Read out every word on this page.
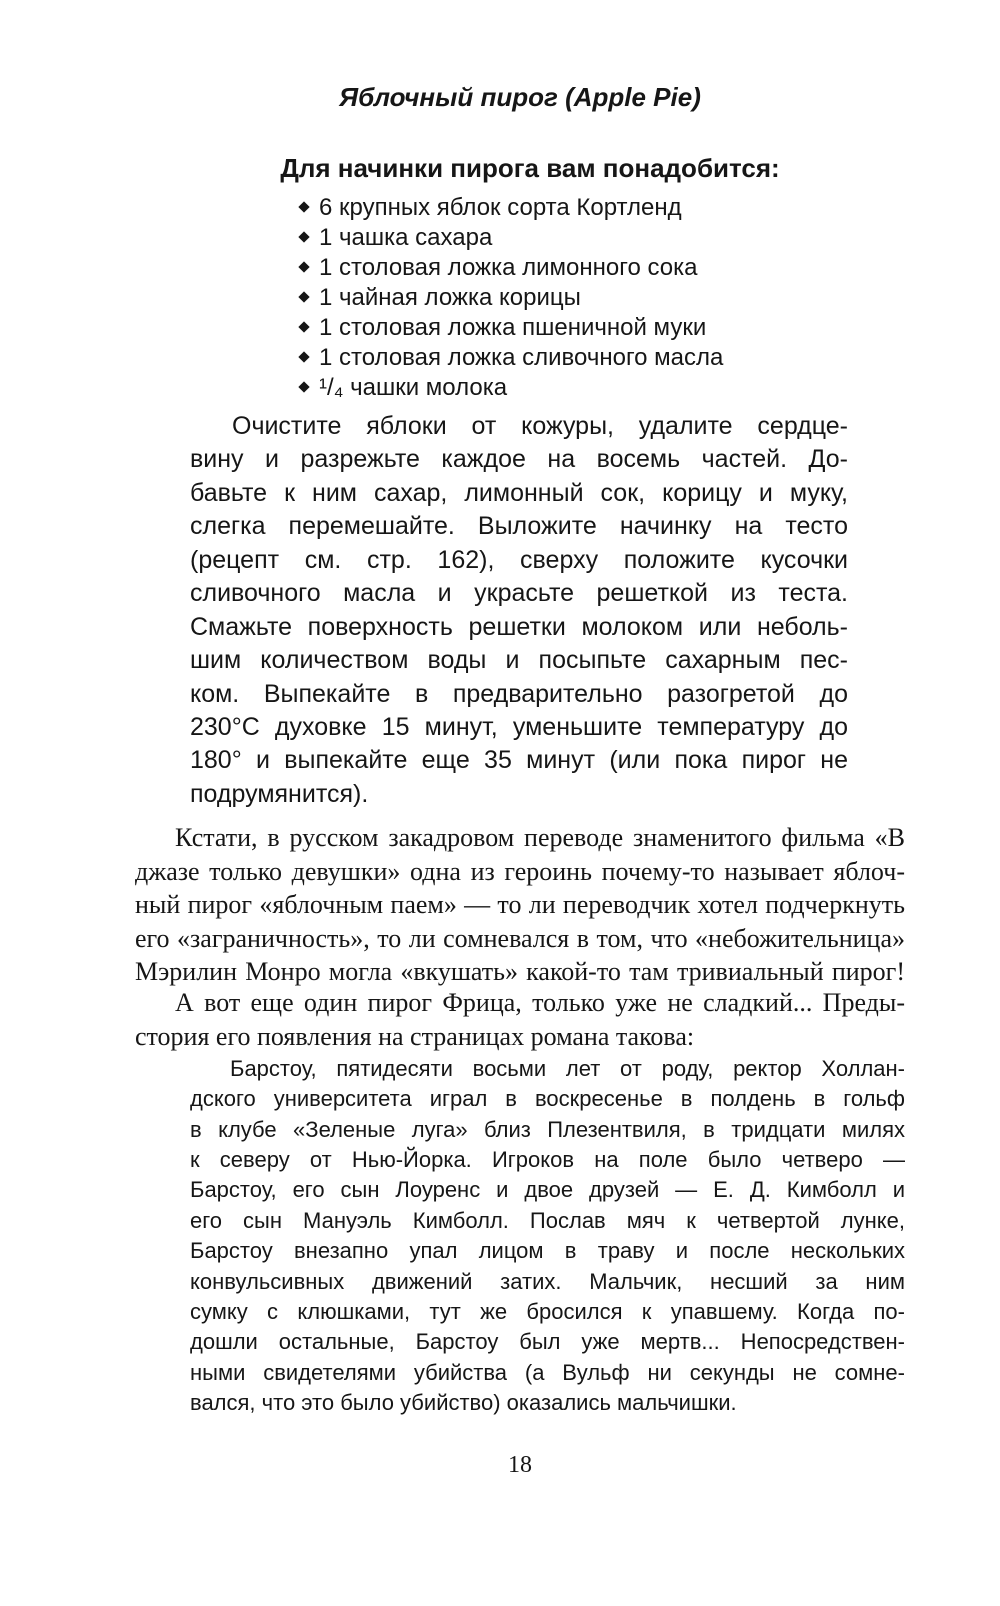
Яблочный пирог (Apple Pie)
Для начинки пирога вам понадобится:
6 крупных яблок сорта Кортленд
1 чашка сахара
1 столовая ложка лимонного сока
1 чайная ложка корицы
1 столовая ложка пшеничной муки
1 столовая ложка сливочного масла
¹/₄ чашки молока
Очистите яблоки от кожуры, удалите сердце-
вину и разрежьте каждое на восемь частей. До-
бавьте к ним сахар, лимонный сок, корицу и муку,
слегка перемешайте. Выложите начинку на тесто
(рецепт см. стр. 162), сверху положите кусочки
сливочного масла и украсьте решеткой из теста.
Смажьте поверхность решетки молоком или неболь-
шим количеством воды и посыпьте сахарным пес-
ком. Выпекайте в предварительно разогретой до
230°С духовке 15 минут, уменьшите температуру до
180° и выпекайте еще 35 минут (или пока пирог не
подрумянится).
Кстати, в русском закадровом переводе знаменитого фильма «В
джазе только девушки» одна из героинь почему-то называет яблоч-
ный пирог «яблочным паем» — то ли переводчик хотел подчеркнуть
его «заграничность», то ли сомневался в том, что «небожительница»
Мэрилин Монро могла «вкушать» какой-то там тривиальный пирог!
А вот еще один пирог Фрица, только уже не сладкий... Преды-
стория его появления на страницах романа такова:
Барстоу, пятидесяти восьми лет от роду, ректор Холлан-
дского университета играл в воскресенье в полдень в гольф
в клубе «Зеленые луга» близ Плезентвиля, в тридцати милях
к северу от Нью-Йорка. Игроков на поле было четверо —
Барстоу, его сын Лоуренс и двое друзей — Е. Д. Кимболл и
его сын Мануэль Кимболл. Послав мяч к четвертой лунке,
Барстоу внезапно упал лицом в траву и после нескольких
конвульсивных движений затих. Мальчик, несший за ним
сумку с клюшками, тут же бросился к упавшему. Когда по-
дошли остальные, Барстоу был уже мертв... Непосредствен-
ными свидетелями убийства (а Вульф ни секунды не сомне-
вался, что это было убийство) оказались мальчишки.
18
